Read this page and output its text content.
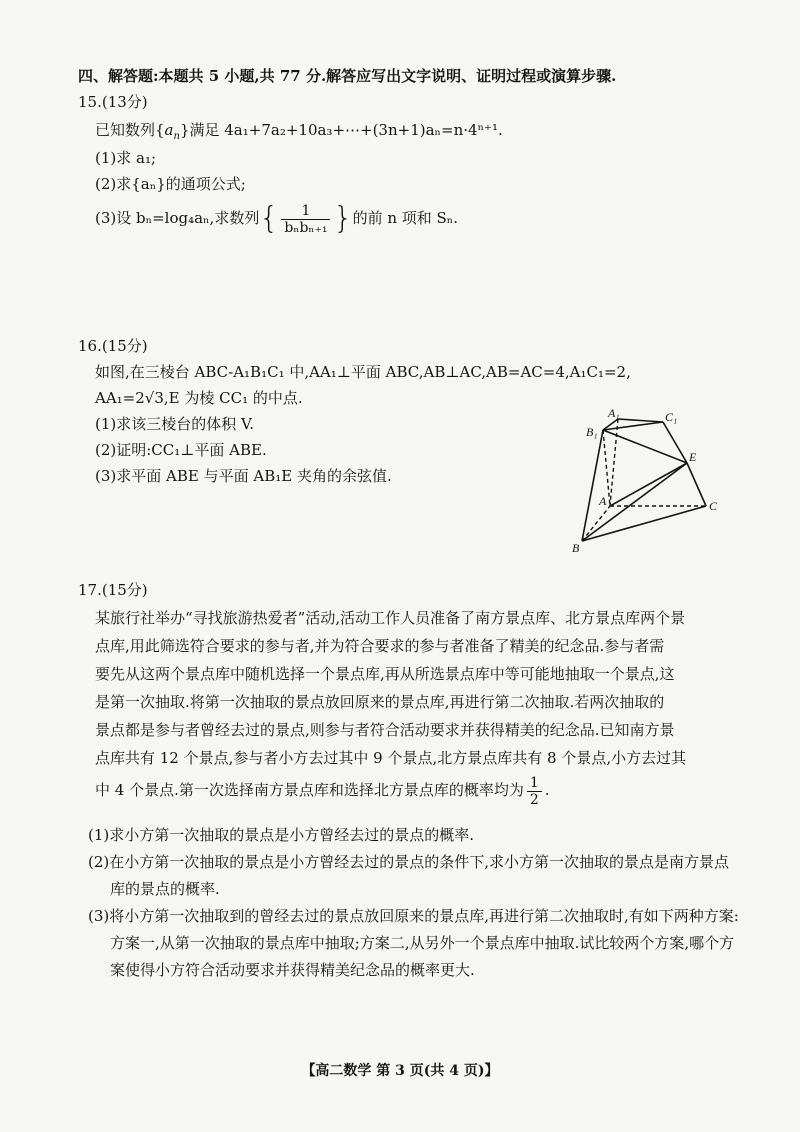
四、解答题:本题共 5 小题,共 77 分.解答应写出文字说明、证明过程或演算步骤.
15.(13分)
已知数列$\{a_n\}$满足 4a₁+7a₂+10a₃+⋯+(3n+1)aₙ=n·4ⁿ⁺¹.
(1)求 a₁;
(2)求{aₙ}的通项公式;
(3)设 bₙ=log₄aₙ,求数列{ $\frac{1}{\text{bₙbₙ₊₁}}$ }的前 n 项和 Sₙ.
16.(15分)
如图,在三棱台 ABC-A₁B₁C₁ 中,AA₁⊥平面 ABC,AB⊥AC,AB=AC=4,A₁C₁=2,
AA₁=2√3,E 为棱 CC₁ 的中点.
(1)求该三棱台的体积 V.
(2)证明:CC₁⊥平面 ABE.
(3)求平面 ABE 与平面 AB₁E 夹角的余弦值.
A₁	C₁
B₁
E
A	C
B
17.(15分)
某旅行社举办“寻找旅游热爱者”活动,活动工作人员准备了南方景点库、北方景点库两个景
点库,用此筛选符合要求的参与者,并为符合要求的参与者准备了精美的纪念品.参与者需
要先从这两个景点库中随机选择一个景点库,再从所选景点库中等可能地抽取一个景点,这
是第一次抽取.将第一次抽取的景点放回原来的景点库,再进行第二次抽取.若两次抽取的
景点都是参与者曾经去过的景点,则参与者符合活动要求并获得精美的纪念品.已知南方景
点库共有 12 个景点,参与者小方去过其中 9 个景点,北方景点库共有 8 个景点,小方去过其
中 4 个景点.第一次选择南方景点库和选择北方景点库的概率均为 $\frac{1}{2}$ .
(1)求小方第一次抽取的景点是小方曾经去过的景点的概率.
(2)在小方第一次抽取的景点是小方曾经去过的景点的条件下,求小方第一次抽取的景点是南方景点库的景点的概率.
(3)将小方第一次抽取到的曾经去过的景点放回原来的景点库,再进行第二次抽取时,有如下两种方案:方案一,从第一次抽取的景点库中抽取;方案二,从另外一个景点库中抽取.试比较两个方案,哪个方案使得小方符合活动要求并获得精美纪念品的概率更大.
【高二数学 第 3 页(共 4 页)】
